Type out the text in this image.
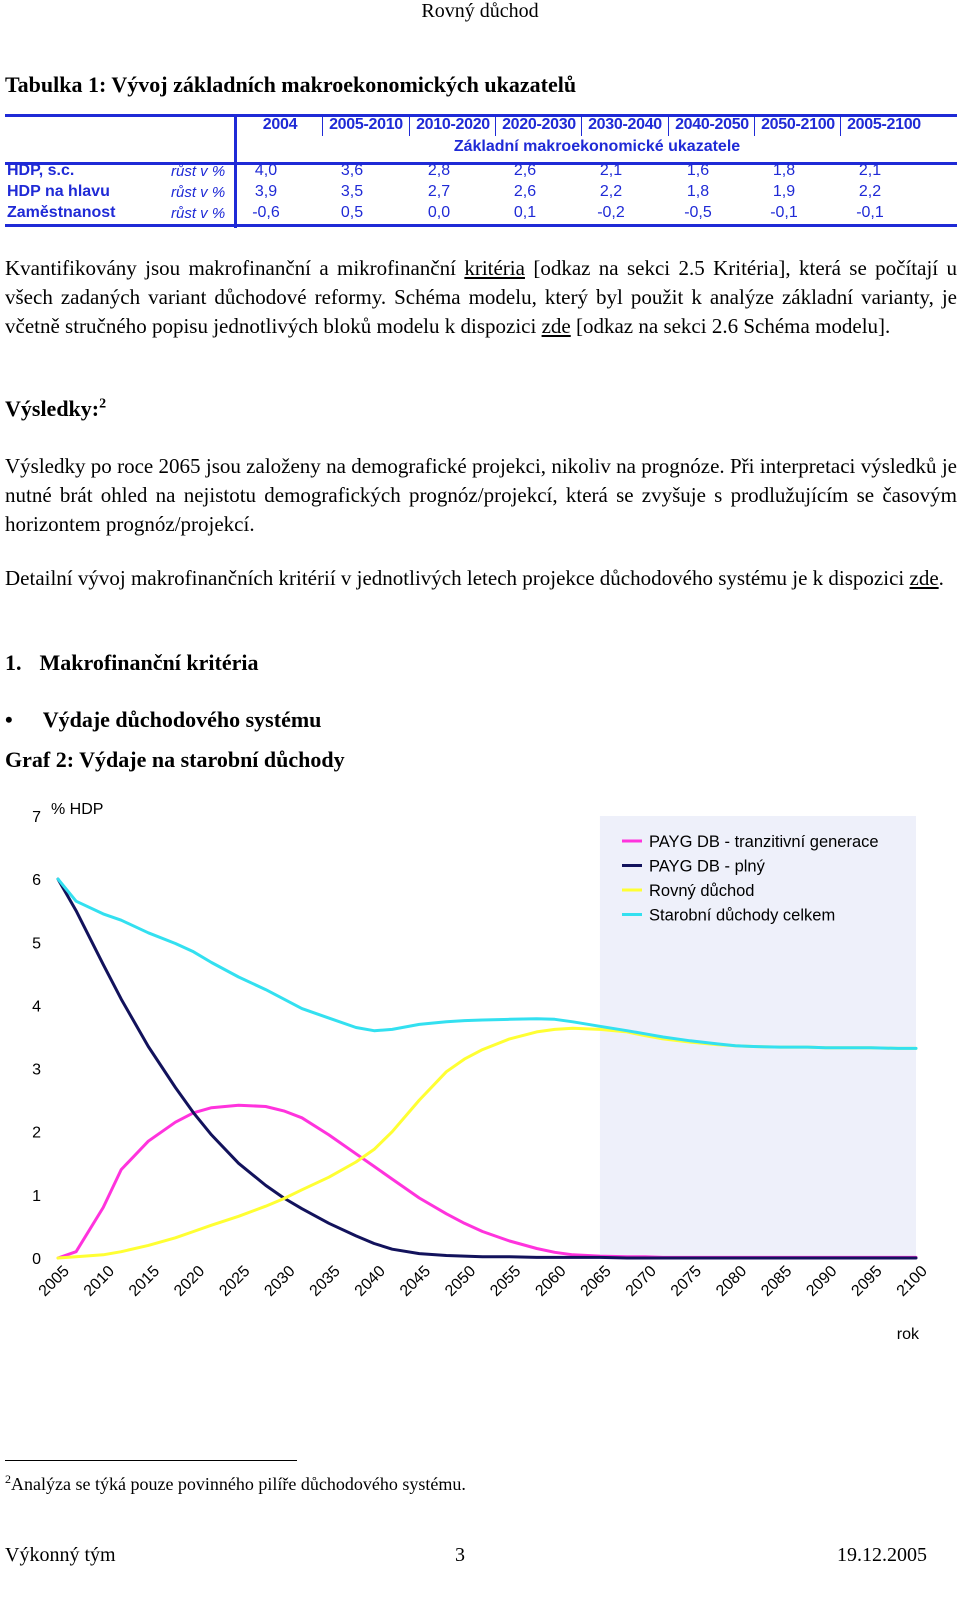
Rovný důchod
Tabulka 1: Vývoj základních makroekonomických ukazatelů
Základní makroekonomické ukazatele
2004	2005-2010 2010-2020 2020-2030 2030-2040 2040-2050 2050-2100 2005-2100
HDP, s.c.	růst v %	4,0	3,6	2,8	2,6	2,1	1,6	1,8	2,1
HDP na hlavu	růst v %	3,9	3,5	2,7	2,6	2,2	1,8	1,9	2,2
Zaměstnanost	růst v %	-0,6	0,5	0,0	0,1	-0,2	-0,5	-0,1	-0,1

Kvantifikovány jsou makrofinanční a mikrofinanční kritéria [odkaz na sekci 2.5 Kritéria], která se počítají u všech zadaných variant důchodové reformy. Schéma modelu, který byl použit k analýze základní varianty, je včetně stručného popisu jednotlivých bloků modelu k dispozici zde [odkaz na sekci 2.6 Schéma modelu].

Výsledky:$^2$

Výsledky po roce 2065 jsou založeny na demografické projekci, nikoliv na prognóze. Při interpretaci výsledků je nutné brát ohled na nejistotu demografických prognóz/projekcí, která se zvyšuje s prodlužujícím se časovým horizontem prognóz/projekcí.

Detailní vývoj makrofinančních kritérií v jednotlivých letech projekce důchodového systému je k dispozici zde.

1. Makrofinanční kritéria
• Výdaje důchodového systému
Graf 2: Výdaje na starobní důchody
0
1
2
3
4
5
6
7 % HDP
2005 2010 2015 2020 2025 2030 2035 2040 2045 2050 2055 2060 2065 2070 2075 2080 2085 2090 2095 2100
rok
PAYG DB - tranzitivní generace
PAYG DB - plný
Rovný důchod
Starobní důchody celkem

$^2$Analýza se týká pouze povinného pilíře důchodového systému.

Výkonný tým	3	19.12.2005
